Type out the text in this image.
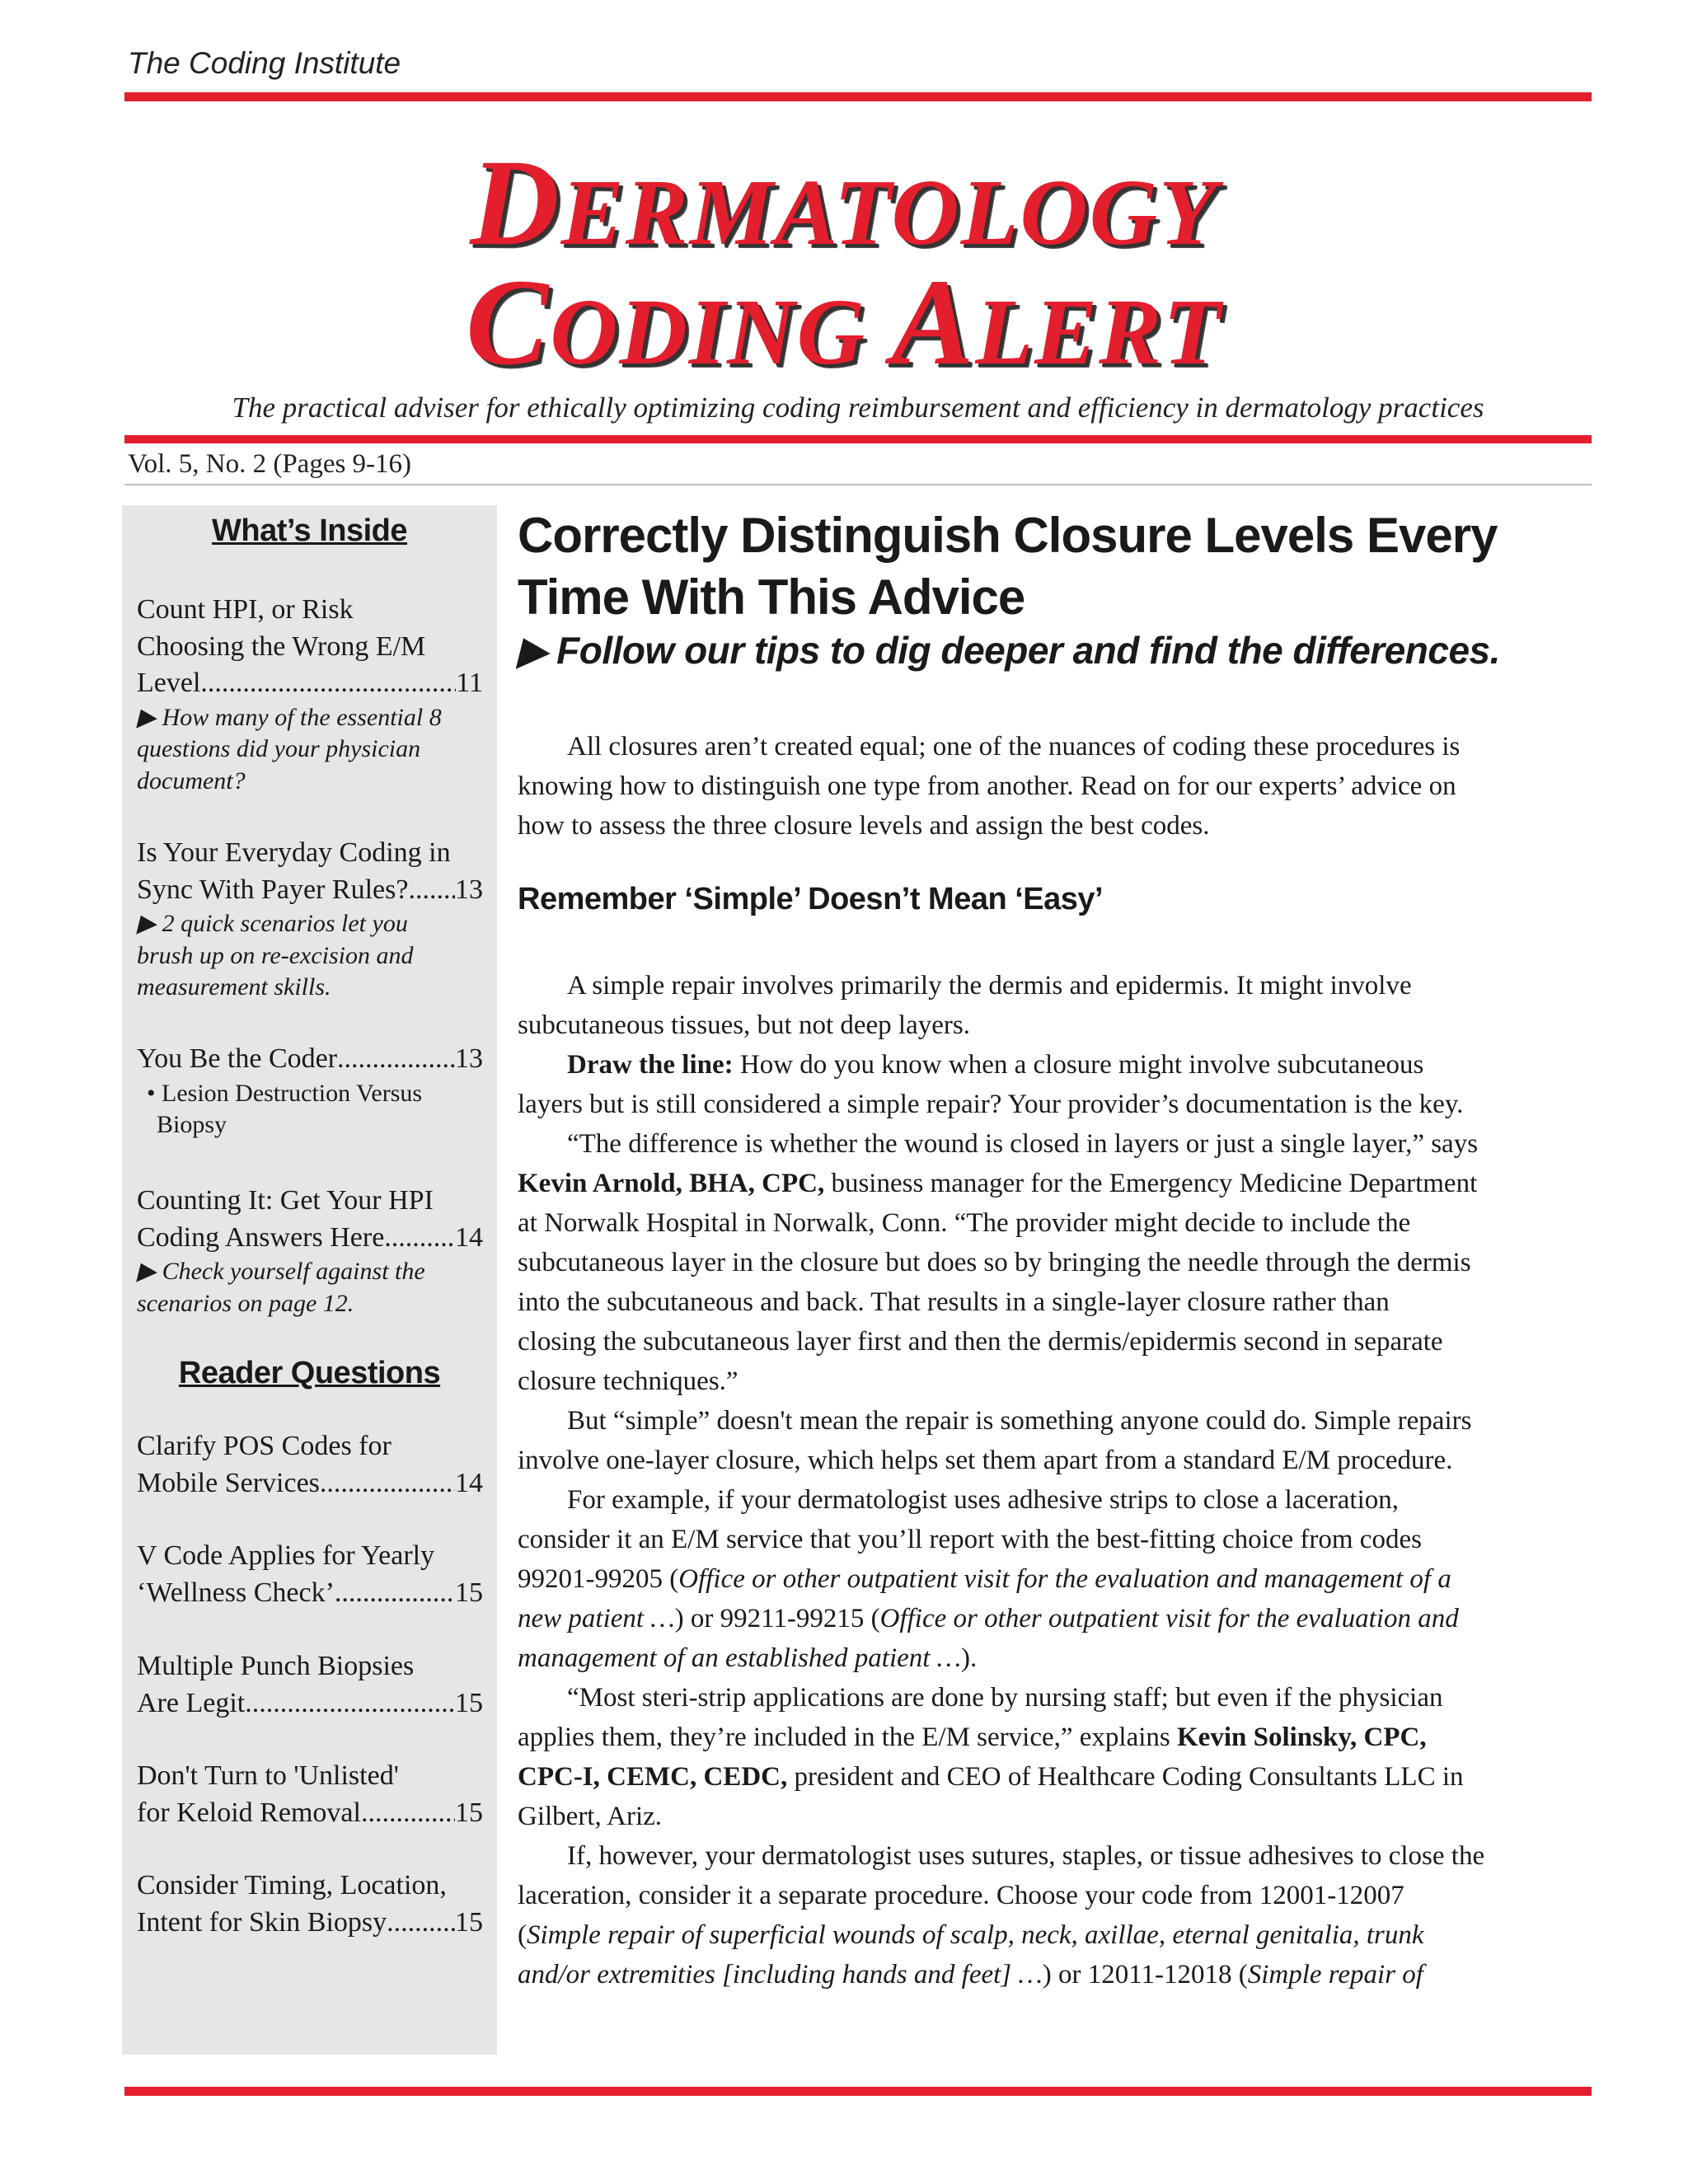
The Coding Institute
DERMATOLOGY
CODING ALERT
The practical adviser for ethically optimizing coding reimbursement and efficiency in dermatology practices
Vol. 5, No. 2 (Pages 9-16)
What’s Inside
Count HPI, or Risk
Choosing the Wrong E/M
Level .....	11
▶ How many of the essential 8
questions did your physician
document?
Is Your Everyday Coding in
Sync With Payer Rules? ..... 13
▶ 2 quick scenarios let you
brush up on re-excision and
measurement skills.
You Be the Coder .....	13
• Lesion Destruction Versus
Biopsy
Counting It: Get Your HPI
Coding Answers Here .....	14
▶ Check yourself against the
scenarios on page 12.
Reader Questions
Clarify POS Codes for
Mobile Services .....	14
V Code Applies for Yearly
‘Wellness Check’ .....	15
Multiple Punch Biopsies
Are Legit .....	15
Don't Turn to 'Unlisted'
for Keloid Removal .....	15
Consider Timing, Location,
Intent for Skin Biopsy ..... 15
Correctly Distinguish Closure Levels Every
Time With This Advice
▶ Follow our tips to dig deeper and find the differences.
All closures aren’t created equal; one of the nuances of coding these procedures is
knowing how to distinguish one type from another. Read on for our experts’ advice on
how to assess the three closure levels and assign the best codes.
Remember ‘Simple’ Doesn’t Mean ‘Easy’
A simple repair involves primarily the dermis and epidermis. It might involve
subcutaneous tissues, but not deep layers.
Draw the line: How do you know when a closure might involve subcutaneous
layers but is still considered a simple repair? Your provider’s documentation is the key.
“The difference is whether the wound is closed in layers or just a single layer,” says
Kevin Arnold, BHA, CPC, business manager for the Emergency Medicine Department
at Norwalk Hospital in Norwalk, Conn. “The provider might decide to include the
subcutaneous layer in the closure but does so by bringing the needle through the dermis
into the subcutaneous and back. That results in a single-layer closure rather than
closing the subcutaneous layer first and then the dermis/epidermis second in separate
closure techniques.”
But “simple” doesn't mean the repair is something anyone could do. Simple repairs
involve one-layer closure, which helps set them apart from a standard E/M procedure.
For example, if your dermatologist uses adhesive strips to close a laceration,
consider it an E/M service that you’ll report with the best-fitting choice from codes
99201-99205 (Office or other outpatient visit for the evaluation and management of a
new patient …) or 99211-99215 (Office or other outpatient visit for the evaluation and
management of an established patient …).
“Most steri-strip applications are done by nursing staff; but even if the physician
applies them, they’re included in the E/M service,” explains Kevin Solinsky, CPC,
CPC-I, CEMC, CEDC, president and CEO of Healthcare Coding Consultants LLC in
Gilbert, Ariz.
If, however, your dermatologist uses sutures, staples, or tissue adhesives to close the
laceration, consider it a separate procedure. Choose your code from 12001-12007
(Simple repair of superficial wounds of scalp, neck, axillae, eternal genitalia, trunk
and/or extremities [including hands and feet] …) or 12011-12018 (Simple repair of
